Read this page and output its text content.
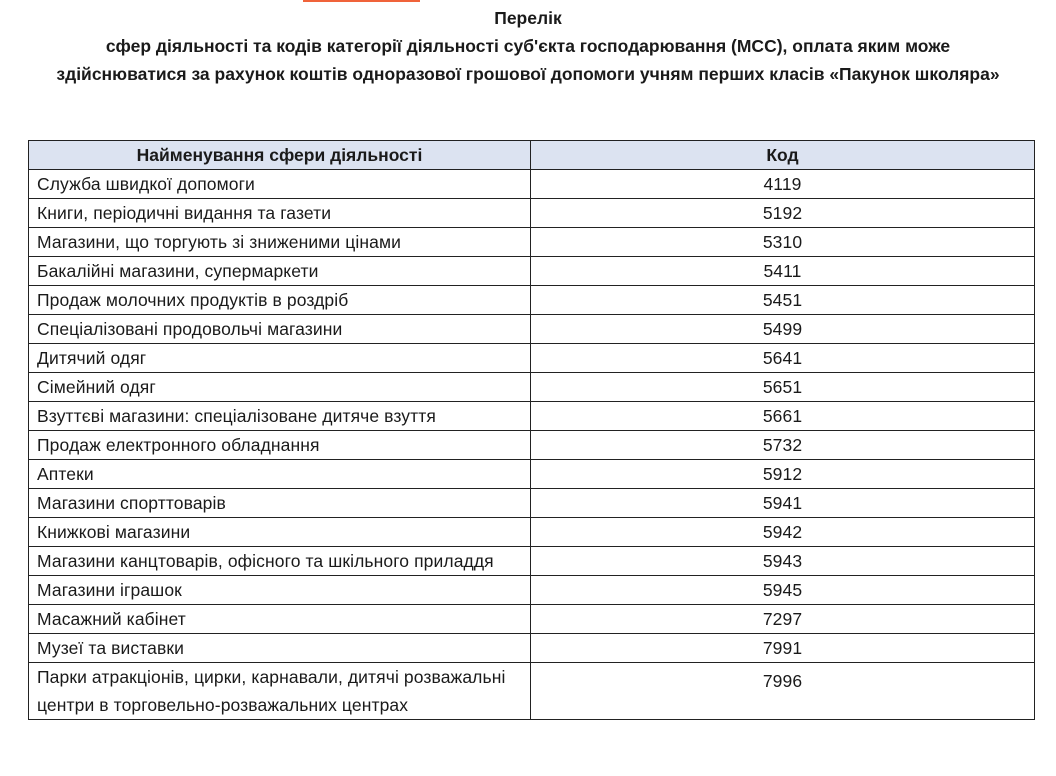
Перелік
сфер діяльності та кодів категорії діяльності суб'єкта господарювання (MCC), оплата яким може
здійснюватися за рахунок коштів одноразової грошової допомоги учням перших класів «Пакунок школяра»
Найменування сфери діяльності	Код
Служба швидкої допомоги	4119
Книги, періодичні видання та газети	5192
Магазини, що торгують зі зниженими цінами	5310
Бакалійні магазини, супермаркети	5411
Продаж молочних продуктів в роздріб	5451
Спеціалізовані продовольчі магазини	5499
Дитячий одяг	5641
Сімейний одяг	5651
Взуттєві магазини: спеціалізоване дитяче взуття	5661
Продаж електронного обладнання	5732
Аптеки	5912
Магазини спорттоварів	5941
Книжкові магазини	5942
Магазини канцтоварів, офісного та шкільного приладдя	5943
Магазини іграшок	5945
Масажний кабінет	7297
Музеї та виставки	7991
Парки атракціонів, цирки, карнавали, дитячі розважальні центри в торговельно-розважальних центрах	7996
